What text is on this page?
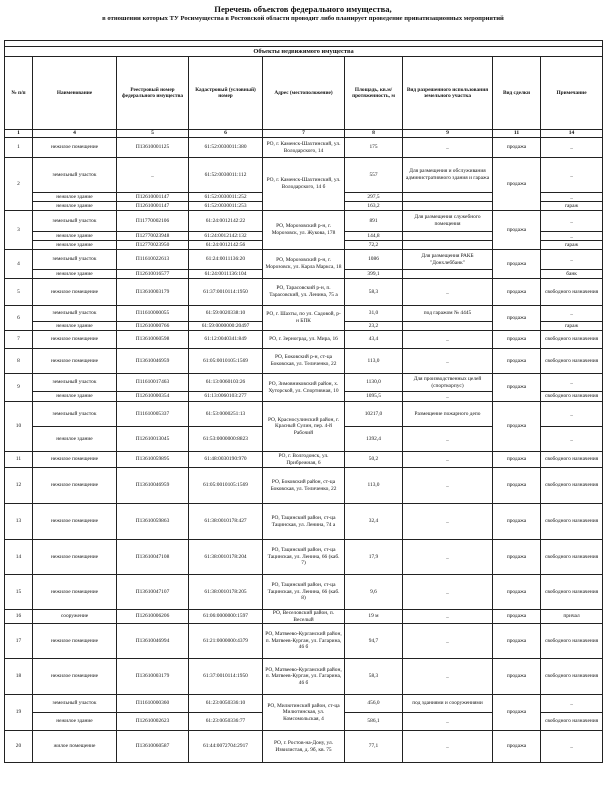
Перечень объектов федерального имущества,
в отношении которых ТУ Росимущества в Ростовской области проводит либо планирует проведение приватизационных мероприятий

Объекты недвижимого имущества								
№ п/п	Наименование	Реестровый номер федерального имущества	Кадастровый (условный) номер	Адрес (местоположение)	Площадь, кв.м/ протяженность, м	Вид разрешенного использования земельного участка	Вид сделки	Примечание
1	4	5	6	7	8	9	11	14
1	нежилое помещение	П13610001125	61:52:0030011:380	РО, г. Каменск-Шахтинский, ул. Володарского, 14	175	_	продажа	_
2	земельный участок	_	61:52:0030011:112	РО, г. Каменск-Шахтинский, ул. Володарского, 14 б	557	Для размещения и обслуживания административного здания и гаража	продажа	_
	нежилое здание	П12610001147	61:52:0030011:252		297,5			_
	нежилое здание	П12610001147	61:52:0030011:253		163,2			гараж
3	земельный участок	П11770002106	61:24:0012142:22	РО, Морозовский р-н, г. Морозовск, ул. Жукова, 178	891	Для размещения служебного помещения	продажа	_
	нежилое здание	П12770023948	61:24:0012142:132		144,8			_
	нежилое здание	П12770023950	61:24:0012142:56		72,2			гараж
4	земельный участок	П11610022613	61:24:0011136:20	РО, Морозовский р-н, г. Морозовск, ул. Карла Маркса, 18	1086	Для размещения РАКБ "Донхлеббанк"	продажа	_
	нежилое здание	П12610016577	61:24:0011136:104		399,1			банк
5	нежилое помещение	П13610003179	61:37:0010114:1950	РО, Тарасовский р-н, п. Тарасовский, ул. Ленина, 75 а	58,3	_	продажа	свободного назначения
6	земельный участок	П11610000055	61:59:0020338:10	РО, г. Шахты, по ул. Садовой, р-н БПК	31,0	под гаражом № 4445	продажа	_
	нежилое здание	П12610000766	61:59:0000000:20497		23,2			гараж
7	нежилое помещение	П13610060598	61:12:0040341:849	РО, г. Зерноград, ул. Мира, 16	43,4	_	продажа	свободного назначения
8	нежилое помещение	П13610046959	61:05:0010105:1569	РО, Боковский р-н, ст-ца Боковская, ул. Теличенко, 22	113,0	_	продажа	свободного назначения
9	земельный участок	П11610017463	61:13:0060103:26	РО, Зимовниковский район, х. Хуторской, ул. Спортивная, 10	1130,0	Для производственных целей (спорткорпус)	продажа	_
	нежилое здание	П12610000354	61:13:0060103:277		1095,5	_		свободного назначения
10	земельный участок	П11610005337	61:53:0000251:13	РО, Красносулинский район, г. Красный Сулин, пер. 4-й Рабочий	10217,0	Размещение пожарного депо	продажа	_
	нежилое здание	П12610013045	61:53:0000000:8823		1392,4	_		_
11	нежилое помещение	П13610059895	61:48:0030190:970	РО, г. Волгодонск, ул. Прибрежная, 6	50,2	_	продажа	свободного назначения
12	нежилое помещение	П13610046959	61:05:0010105:1569	РО, Боковский район, ст-ца Боковская, ул. Теличенко, 22	113,0	_	продажа	свободного назначения
13	нежилое помещение	П13610059863	61:38:0010178:427	РО, Тацинский район, ст-ца Тацинская, ул. Ленина, 74 а	32,4	_	продажа	свободного назначения
14	нежилое помещение	П13610047108	61:38:0010178:204	РО, Тацинский район, ст-ца Тацинская, ул. Ленина, 66 (каб. 7)	17,9	_	продажа	свободного назначения
15	нежилое помещение	П13610047107	61:38:0010178:205	РО, Тацинский район, ст-ца Тацинская, ул. Ленина, 66 (каб. 8)	9,6	_	продажа	свободного назначения
16	сооружение	П12610006206	61:06:0000000:1597	РО, Веселовский район, п. Веселый	19 м	_	продажа	причал
17	нежилое помещение	П13610046994	61:21:0000000:4379	РО, Матвеево-Курганский район, п. Матвеев-Курган, ул. Гагарина, 46 б	94,7	_	продажа	свободного назначения
18	нежилое помещение	П13610003179	61:37:0010114:1950	РО, Матвеево-Курганский район, п. Матвеев-Курган, ул. Гагарина, 46 б	58,3	_	продажа	свободного назначения
19	земельный участок	П11610000360	61:23:0050336:10	РО, Милютинский район, ст-ца Милютинская, ул. Комсомольская, 4	456,0	под зданиями и сооружениями	продажа	_
	нежилое здание	П12610002623	61:23:0050336:77		586,1	_		свободного назначения
20	жилое помещение	П13610060587	61:44:0072704:2917	РО, г. Ростов-на-Дону, ул. Извилистая, д. 9б, кв. 75	77,1	_	продажа	_
